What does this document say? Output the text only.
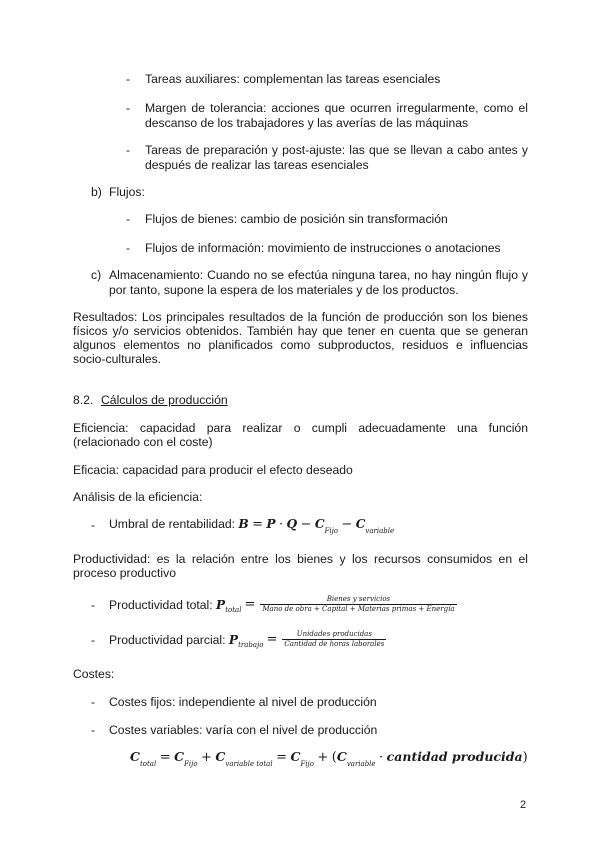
- Tareas auxiliares: complementan las tareas esenciales
- Margen de tolerancia: acciones que ocurren irregularmente, como el
descanso de los trabajadores y las averías de las máquinas
- Tareas de preparación y post-ajuste: las que se llevan a cabo antes y
después de realizar las tareas esenciales
b) Flujos:
- Flujos de bienes: cambio de posición sin transformación
- Flujos de información: movimiento de instrucciones o anotaciones
c) Almacenamiento: Cuando no se efectúa ninguna tarea, no hay ningún flujo y
por tanto, supone la espera de los materiales y de los productos.
Resultados: Los principales resultados de la función de producción son los bienes
físicos y/o servicios obtenidos. También hay que tener en cuenta que se generan
algunos elementos no planificados como subproductos, residuos e influencias
socio-culturales.
8.2. Cálculos de producción
Eficiencia: capacidad para realizar o cumpli adecuadamente una función
(relacionado con el coste)
Eficacia: capacidad para producir el efecto deseado
Análisis de la eficiencia:
- Umbral de rentabilidad: $B = P \cdot Q - C_{Fijo} - C_{variable}$
Productividad: es la relación entre los bienes y los recursos consumidos en el
proceso productivo
- Productividad total:
P total = $\frac{\text{Bienes y servicios}}{\text{Mano de obra + Capital + Materias primas + Energía}}$
- Productividad parcial:
P trabajo = $\frac{\text{Unidades producidas}}{\text{Cantidad de horas laborales}}$
Costes:
- Costes fijos: independiente al nivel de producción
- Costes variables: varía con el nivel de producción
$C_{total} = C_{Fijo} + C_{variable total} = C_{Fijo} + (C_{variable}$ · cantidad producida)
2
